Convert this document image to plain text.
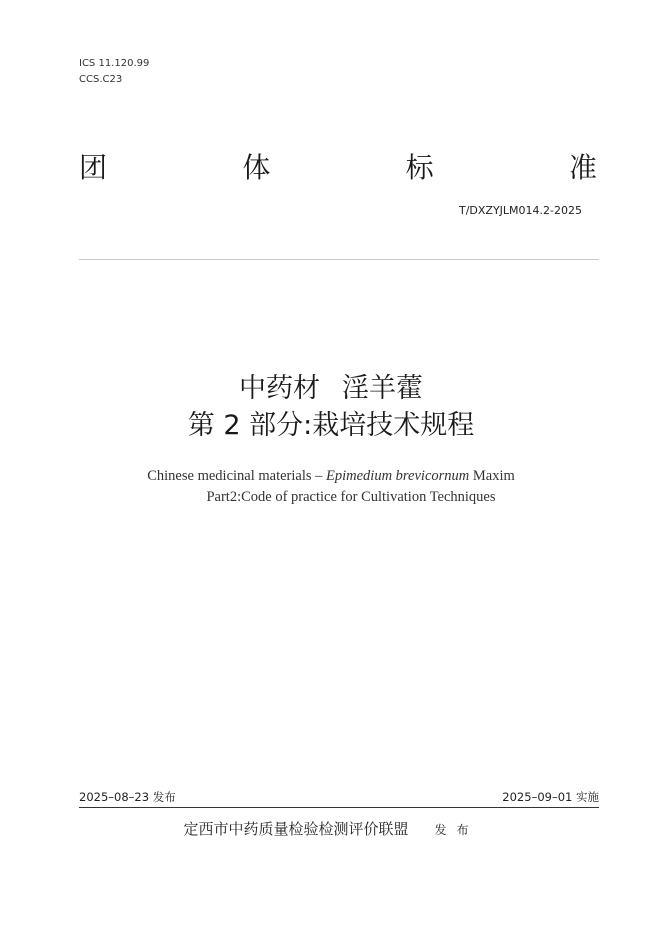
ICS 11.120.99
CCS.C23
团	体	标	准
T/DXZYJLM014.2-2025
中药材 淫羊藿
第 2 部分:栽培技术规程
Chinese medicinal materials – Epimedium brevicornum Maxim
Part2:Code of practice for Cultivation Techniques
2025–08–23 发布	2025–09–01 实施
定西市中药质量检验检测评价联盟 发布
